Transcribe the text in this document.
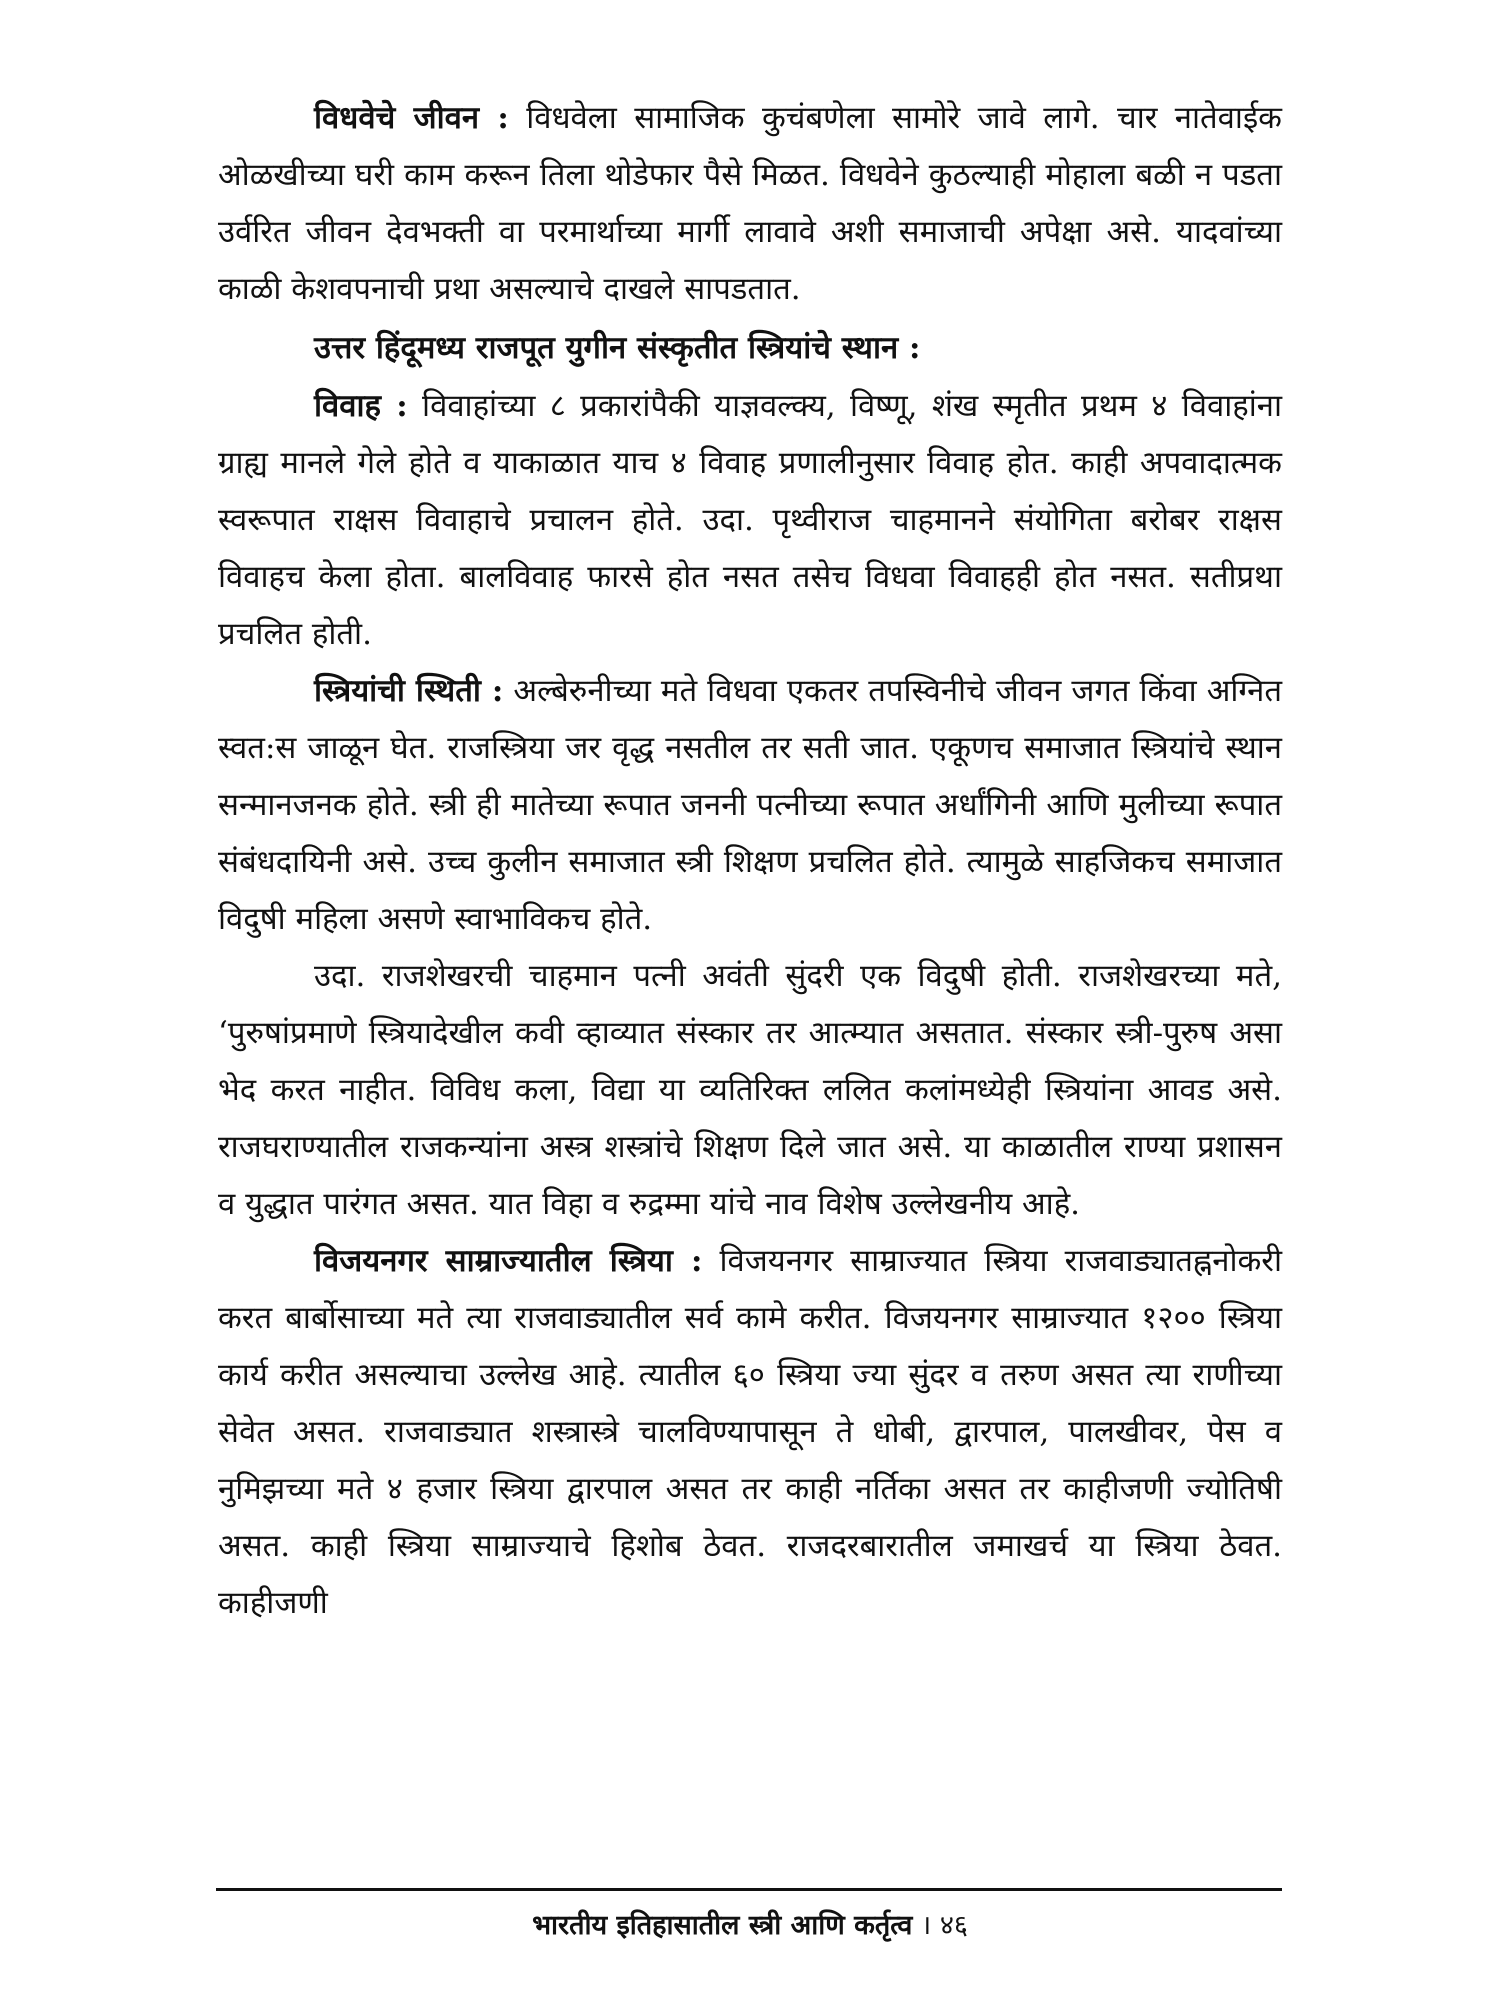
विधवेचे जीवन : विधवेला सामाजिक कुचंबणेला सामोरे जावे लागे. चार नातेवाईक ओळखीच्या घरी काम करून तिला थोडेफार पैसे मिळत. विधवेने कुठल्याही मोहाला बळी न पडता उर्वरित जीवन देवभक्ती वा परमार्थाच्या मार्गी लावावे अशी समाजाची अपेक्षा असे. यादवांच्या काळी केशवपनाची प्रथा असल्याचे दाखले सापडतात.

उत्तर हिंदूमध्य राजपूत युगीन संस्कृतीत स्त्रियांचे स्थान :

विवाह : विवाहांच्या ८ प्रकारांपैकी याज्ञवल्क्य, विष्णू, शंख स्मृतीत प्रथम ४ विवाहांना ग्राह्य मानले गेले होते व याकाळात याच ४ विवाह प्रणालीनुसार विवाह होत. काही अपवादात्मक स्वरूपात राक्षस विवाहाचे प्रचालन होते. उदा. पृथ्वीराज चाहमानने संयोगिता बरोबर राक्षस विवाहच केला होता. बालविवाह फारसे होत नसत तसेच विधवा विवाहही होत नसत. सतीप्रथा प्रचलित होती.

स्त्रियांची स्थिती : अल्बेरुनीच्या मते विधवा एकतर तपस्विनीचे जीवन जगत किंवा अग्नित स्वत:स जाळून घेत. राजस्त्रिया जर वृद्ध नसतील तर सती जात. एकूणच समाजात स्त्रियांचे स्थान सन्मानजनक होते. स्त्री ही मातेच्या रूपात जननी पत्नीच्या रूपात अर्धांगिनी आणि मुलीच्या रूपात संबंधदायिनी असे. उच्च कुलीन समाजात स्त्री शिक्षण प्रचलित होते. त्यामुळे साहजिकच समाजात विदुषी महिला असणे स्वाभाविकच होते.

उदा. राजशेखरची चाहमान पत्नी अवंती सुंदरी एक विदुषी होती. राजशेखरच्या मते, ‘पुरुषांप्रमाणे स्त्रियादेखील कवी व्हाव्यात संस्कार तर आत्म्यात असतात. संस्कार स्त्री-पुरुष असा भेद करत नाहीत. विविध कला, विद्या या व्यतिरिक्त ललित कलांमध्येही स्त्रियांना आवड असे. राजघराण्यातील राजकन्यांना अस्त्र शस्त्रांचे शिक्षण दिले जात असे. या काळातील राण्या प्रशासन व युद्धात पारंगत असत. यात विहा व रुद्रम्मा यांचे नाव विशेष उल्लेखनीय आहे.

विजयनगर साम्राज्यातील स्त्रिया : विजयनगर साम्राज्यात स्त्रिया राजवाड्यातह्ननोकरी करत बार्बोसाच्या मते त्या राजवाड्यातील सर्व कामे करीत. विजयनगर साम्राज्यात १२०० स्त्रिया कार्य करीत असल्याचा उल्लेख आहे. त्यातील ६० स्त्रिया ज्या सुंदर व तरुण असत त्या राणीच्या सेवेत असत. राजवाड्यात शस्त्रास्त्रे चालविण्यापासून ते धोबी, द्वारपाल, पालखीवर, पेस व नुमिझच्या मते ४ हजार स्त्रिया द्वारपाल असत तर काही नर्तिका असत तर काहीजणी ज्योतिषी असत. काही स्त्रिया साम्राज्याचे हिशोब ठेवत. राजदरबारातील जमाखर्च या स्त्रिया ठेवत. काहीजणी

भारतीय इतिहासातील स्त्री आणि कर्तृत्व । ४६
